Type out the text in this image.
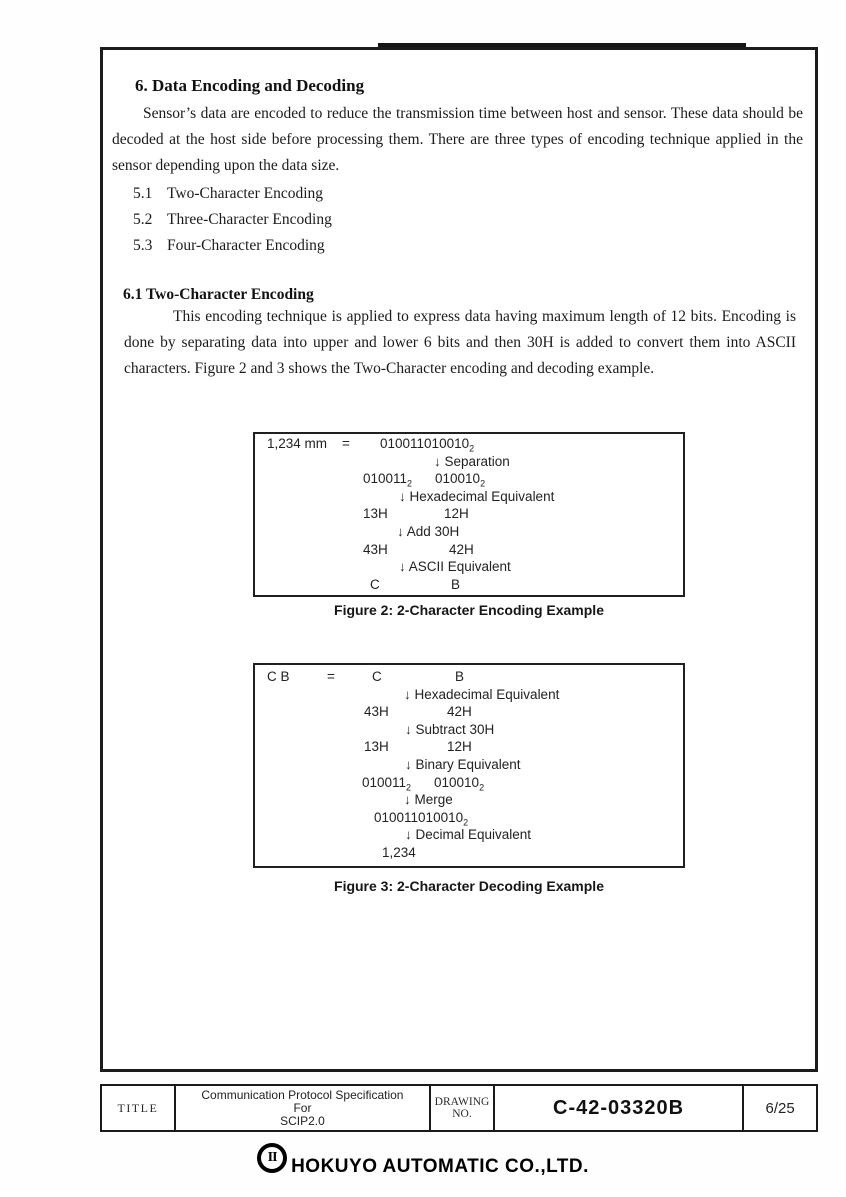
6. Data Encoding and Decoding
Sensor’s data are encoded to reduce the transmission time between host and sensor. These data should be
decoded at the host side before processing them. There are three types of encoding technique applied in the
sensor depending upon the data size.
5.1 Two-Character Encoding
5.2 Three-Character Encoding
5.3 Four-Character Encoding
6.1 Two-Character Encoding
This encoding technique is applied to express data having maximum length of 12 bits. Encoding is
done by separating data into upper and lower 6 bits and then 30H is added to convert them into ASCII
characters. Figure 2 and 3 shows the Two-Character encoding and decoding example.
1,234 mm = $010011010010_2$
↓ Separation
$010011_2$ $010010_2$
↓ Hexadecimal Equivalent
13H	12H
↓ Add 30H
43H	42H
↓ ASCII Equivalent
C	B
Figure 2: 2-Character Encoding Example
C B	=	C	B
↓ Hexadecimal Equivalent
43H	42H
↓ Subtract 30H
13H	12H
↓ Binary Equivalent
$010011_2$ $010010_2$
↓ Merge
$010011010010_2$
↓ Decimal Equivalent
1,234
Figure 3: 2-Character Decoding Example
TITLE
Communication Protocol Specification
For
SCIP2.0
DRAWING
NO.	C-42-03320B	6/25
II HOKUYO AUTOMATIC CO.,LTD.
